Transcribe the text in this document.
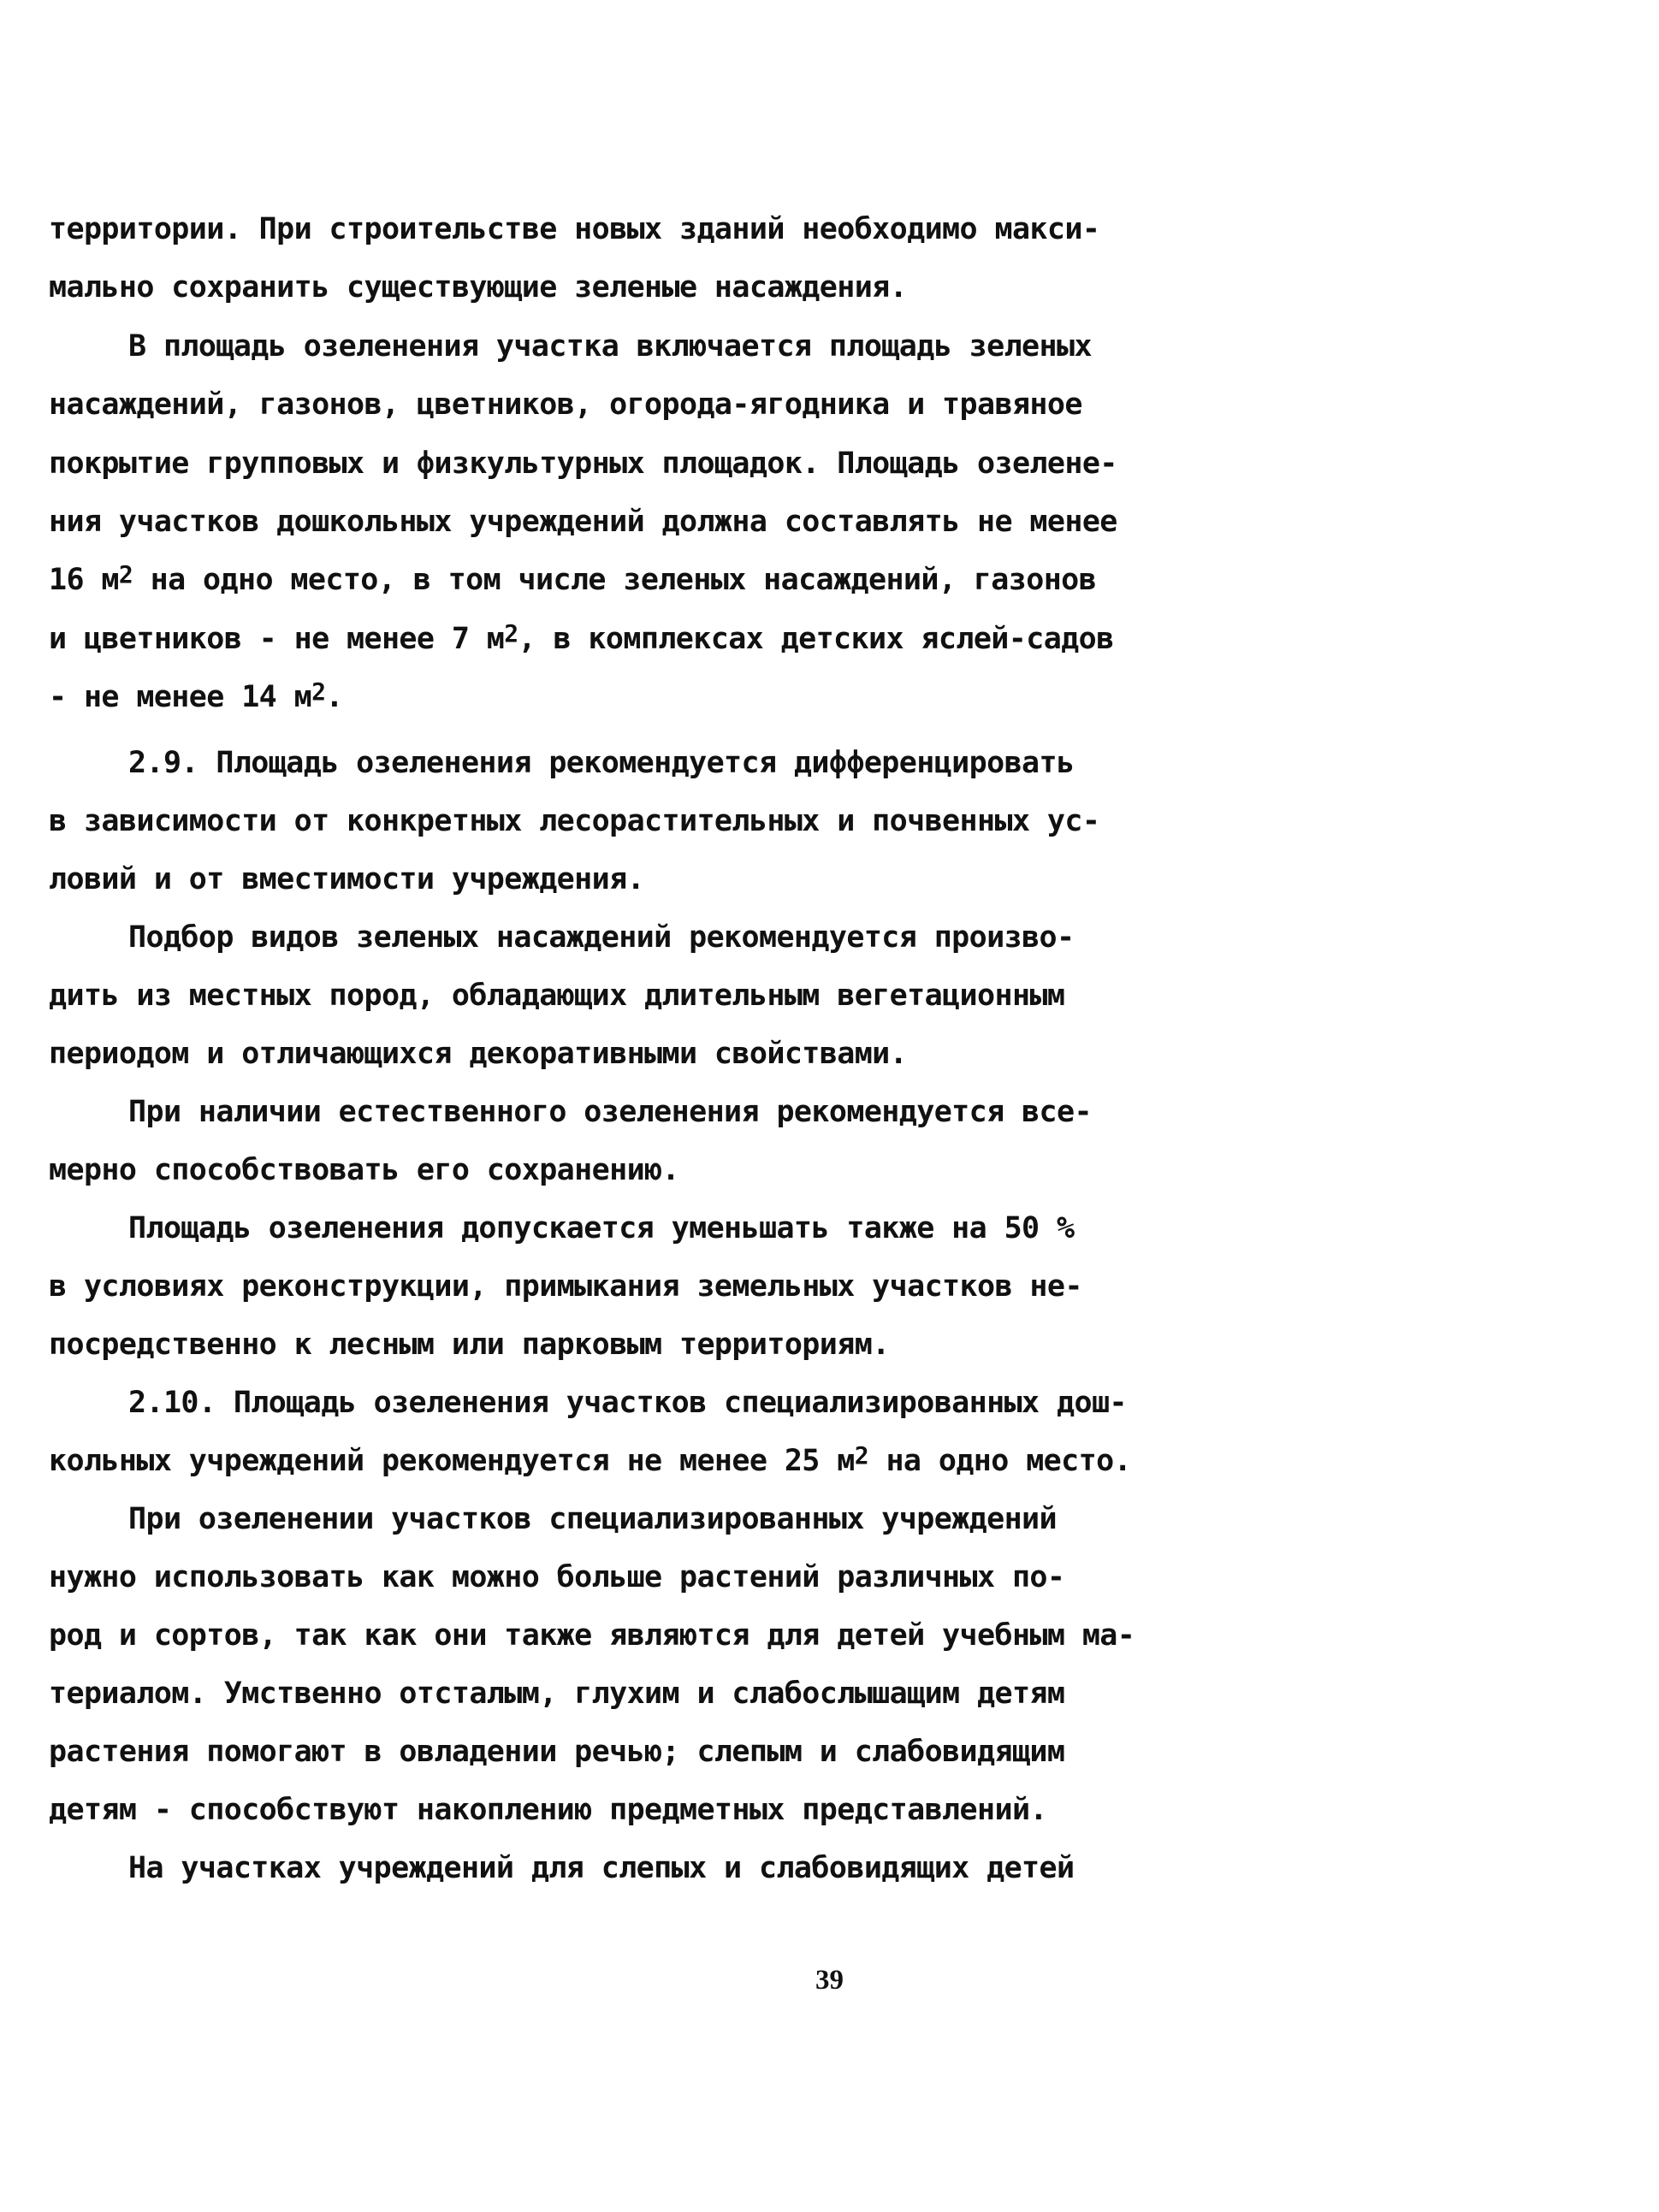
территории. При строительстве новых зданий необходимо макси-
мально сохранить существующие зеленые насаждения.
В площадь озеленения участка включается площадь зеленых
насаждений, газонов, цветников, огорода-ягодника и травяное
покрытие групповых и физкультурных площадок. Площадь озелене-
ния участков дошкольных учреждений должна составлять не менее
16 $м^2$ на одно место, в том числе зеленых насаждений, газонов
и цветников - не менее 7 $м^2$, в комплексах детских яслей-садов
- не менее 14 $м^2$.
2.9. Площадь озеленения рекомендуется дифференцировать
в зависимости от конкретных лесорастительных и почвенных ус-
ловий и от вместимости учреждения.
Подбор видов зеленых насаждений рекомендуется произво-
дить из местных пород, обладающих длительным вегетационным
периодом и отличающихся декоративными свойствами.
При наличии естественного озеленения рекомендуется все-
мерно способствовать его сохранению.
Площадь озеленения допускается уменьшать также на 50 %
в условиях реконструкции, примыкания земельных участков не-
посредственно к лесным или парковым территориям.
2.10. Площадь озеленения участков специализированных дош-
кольных учреждений рекомендуется не менее 25 $м^2$ на одно место.
При озеленении участков специализированных учреждений
нужно использовать как можно больше растений различных по-
род и сортов, так как они также являются для детей учебным ма-
териалом. Умственно отсталым, глухим и слабослышащим детям
растения помогают в овладении речью; слепым и слабовидящим
детям - способствуют накоплению предметных представлений.
На участках учреждений для слепых и слабовидящих детей
39
